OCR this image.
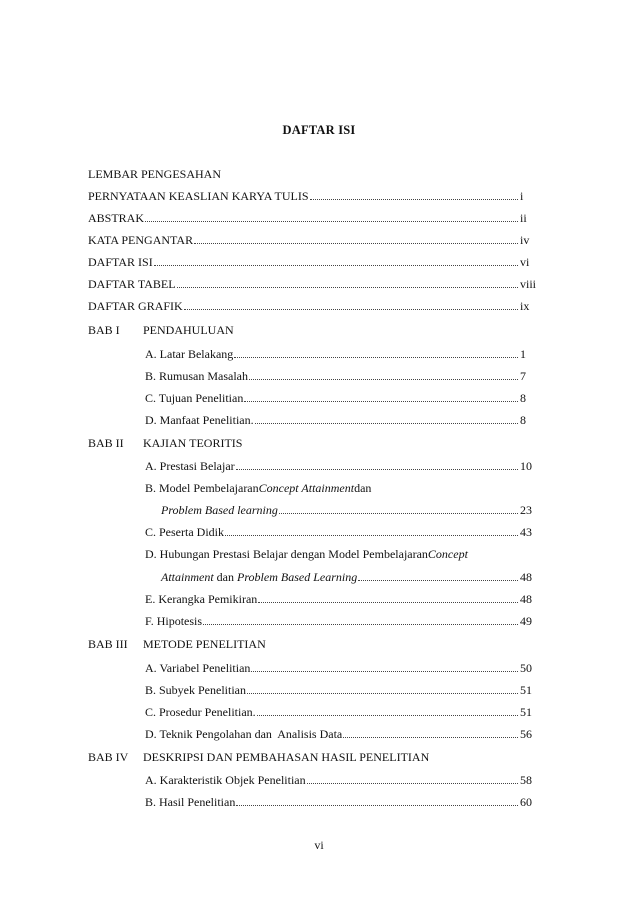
DAFTAR ISI
LEMBAR PENGESAHAN
PERNYATAAN KEASLIAN KARYA TULIS	i
ABSTRAK	ii
KATA PENGANTAR	iv
DAFTAR ISI	vi
DAFTAR TABEL	viii
DAFTAR GRAFIK	ix
BAB I	PENDAHULUAN
A. Latar Belakang	1
B. Rumusan Masalah	7
C. Tujuan Penelitian	8
D. Manfaat Penelitian.	8
BAB II	KAJIAN TEORITIS
A. Prestasi Belajar	10
B. Model Pembelajaran Concept Attainment dan
Problem Based learning	23
C. Peserta Didik	43
D. Hubungan Prestasi Belajar dengan Model Pembelajaran Concept
Attainment dan Problem Based Learning	48
E. Kerangka Pemikiran	48
F. Hipotesis	49
BAB III	METODE PENELITIAN
A. Variabel Penelitian	50
B. Subyek Penelitian	51
C. Prosedur Penelitian.	51
D. Teknik Pengolahan dan  Analisis Data	56
BAB IV	DESKRIPSI DAN PEMBAHASAN HASIL PENELITIAN
A. Karakteristik Objek Penelitian	58
B. Hasil Penelitian	60
vi
